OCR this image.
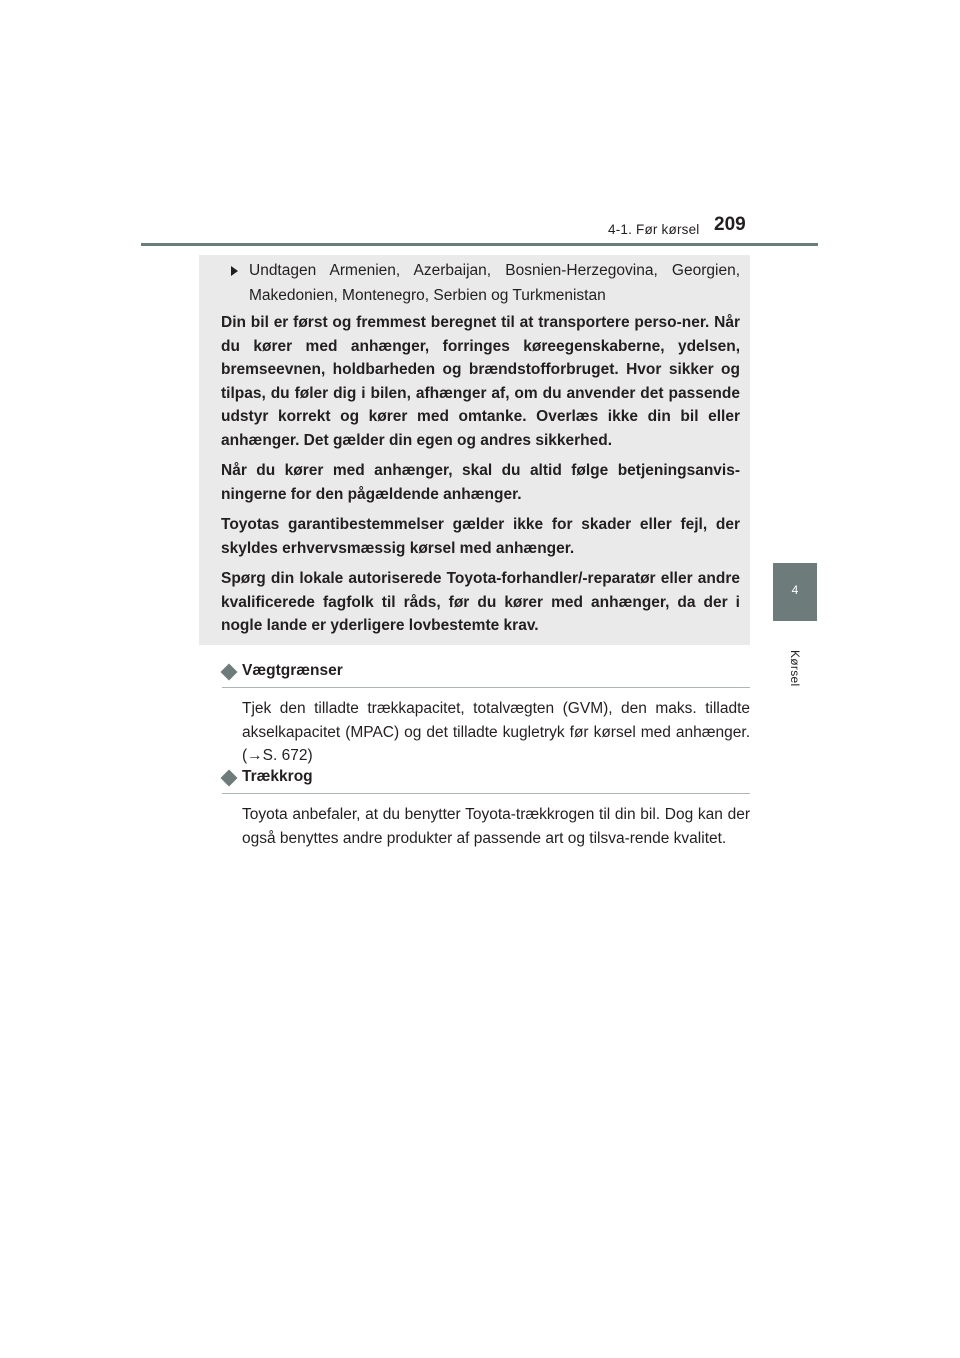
4-1. Før kørsel 209
4
Kørsel
Undtagen Armenien, Azerbaijan, Bosnien-Herzegovina, Georgien, Makedonien, Montenegro, Serbien og Turkmenistan

Din bil er først og fremmest beregnet til at transportere perso-ner. Når du kører med anhænger, forringes køreegenskaberne, ydelsen, bremseevnen, holdbarheden og brændstofforbruget. Hvor sikker og tilpas, du føler dig i bilen, afhænger af, om du anvender det passende udstyr korrekt og kører med omtanke. Overlæs ikke din bil eller anhænger. Det gælder din egen og andres sikkerhed.

Når du kører med anhænger, skal du altid følge betjeningsanvis-ningerne for den pågældende anhænger.

Toyotas garantibestemmelser gælder ikke for skader eller fejl, der skyldes erhvervsmæssig kørsel med anhænger.

Spørg din lokale autoriserede Toyota-forhandler/-reparatør eller andre kvalificerede fagfolk til råds, før du kører med anhænger, da der i nogle lande er yderligere lovbestemte krav.

Vægtgrænser
Tjek den tilladte trækkapacitet, totalvægten (GVM), den maks. tilladte akselkapacitet (MPAC) og det tilladte kugletryk før kørsel med anhænger. (→S. 672)
Trækkrog
Toyota anbefaler, at du benytter Toyota-trækkrogen til din bil. Dog kan der også benyttes andre produkter af passende art og tilsva-rende kvalitet.
